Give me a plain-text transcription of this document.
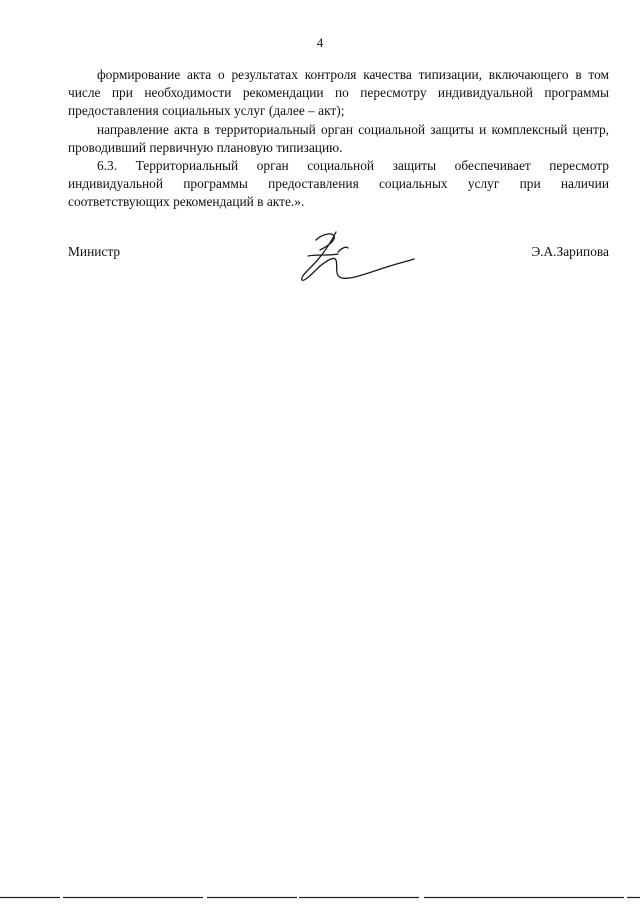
4

формирование акта о результатах контроля качества типизации, включающего в том числе при необходимости рекомендации по пересмотру индивидуальной программы предоставления социальных услуг (далее – акт);

направление акта в территориальный орган социальной защиты и комплексный центр, проводивший первичную плановую типизацию.

6.3. Территориальный орган социальной защиты обеспечивает пересмотр индивидуальной программы предоставления социальных услуг при наличии соответствующих рекомендаций в акте.».

Министр	Э.А.Зарипова
